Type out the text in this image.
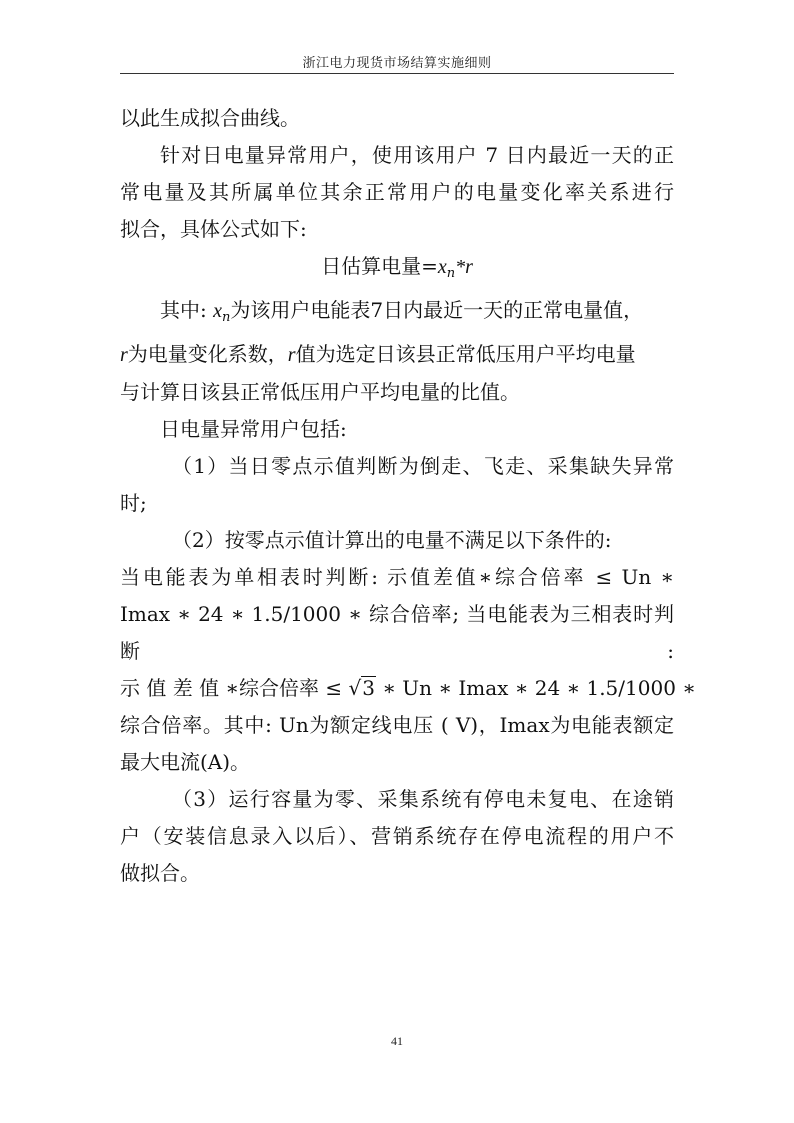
浙江电力现货市场结算实施细则

以此生成拟合曲线。

针对日电量异常用户，使用该用户 7 日内最近一天的正

常电量及其所属单位其余正常用户的电量变化率关系进行

拟合，具体公式如下:

日估算电量$=x_n*r$

其中: $x_n$为该用户电能表7日内最近一天的正常电量值，

r为电量变化系数，r值为选定日该县正常低压用户平均电量

与计算日该县正常低压用户平均电量的比值。

日电量异常用户包括:

（1）当日零点示值判断为倒走、飞走、采集缺失异常

时;

（2）按零点示值计算出的电量不满足以下条件的:

当电能表为单相表时判断: 示值差值∗综合倍率 ≤ Un ∗

Imax ∗ 24 ∗ 1.5/1000 ∗ 综合倍率; 当电能表为三相表时判断:

示 值 差 值 ∗综合倍率 ≤ √3 ∗ Un ∗ Imax ∗ 24 ∗ 1.5/1000 ∗

综合倍率。其中: Un为额定线电压 ( V)，Imax为电能表额定

最大电流(A)。

（3）运行容量为零、采集系统有停电未复电、在途销

户（安装信息录入以后）、营销系统存在停电流程的用户不

做拟合。

41
